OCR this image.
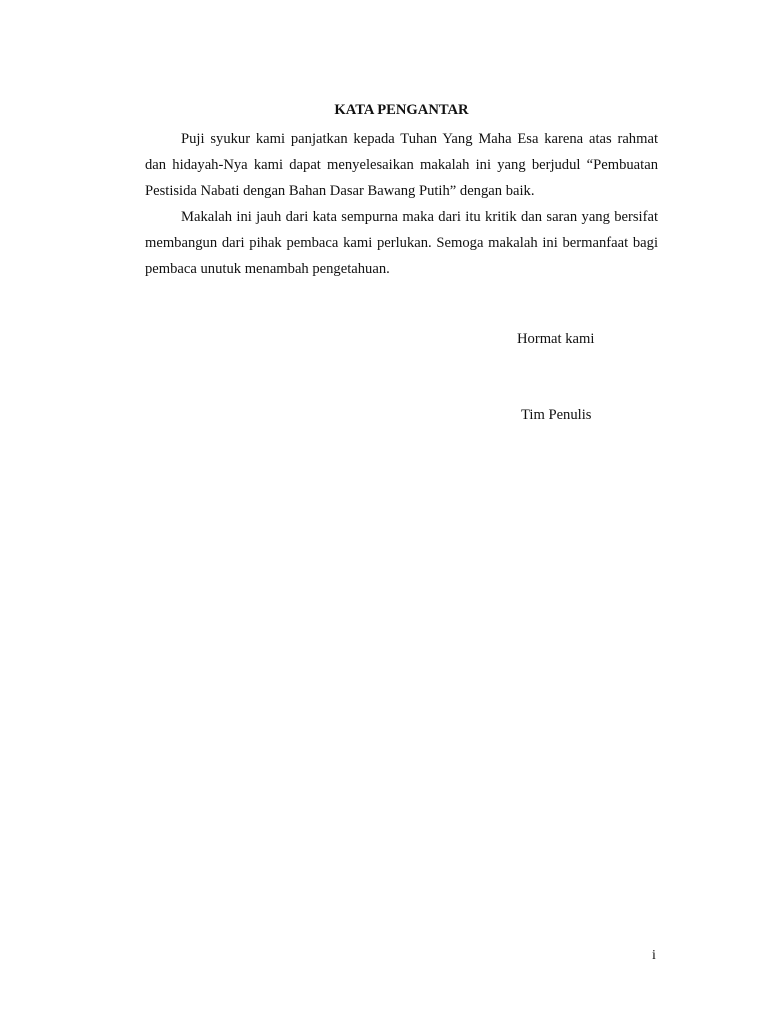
KATA PENGANTAR

Puji syukur kami panjatkan kepada Tuhan Yang Maha Esa karena atas rahmat dan hidayah-Nya kami dapat menyelesaikan makalah ini yang berjudul “Pembuatan Pestisida Nabati dengan Bahan Dasar Bawang Putih” dengan baik.

Makalah ini jauh dari kata sempurna maka dari itu kritik dan saran yang bersifat membangun dari pihak pembaca kami perlukan. Semoga makalah ini bermanfaat bagi pembaca unutuk menambah pengetahuan.

Hormat kami

Tim Penulis

i
